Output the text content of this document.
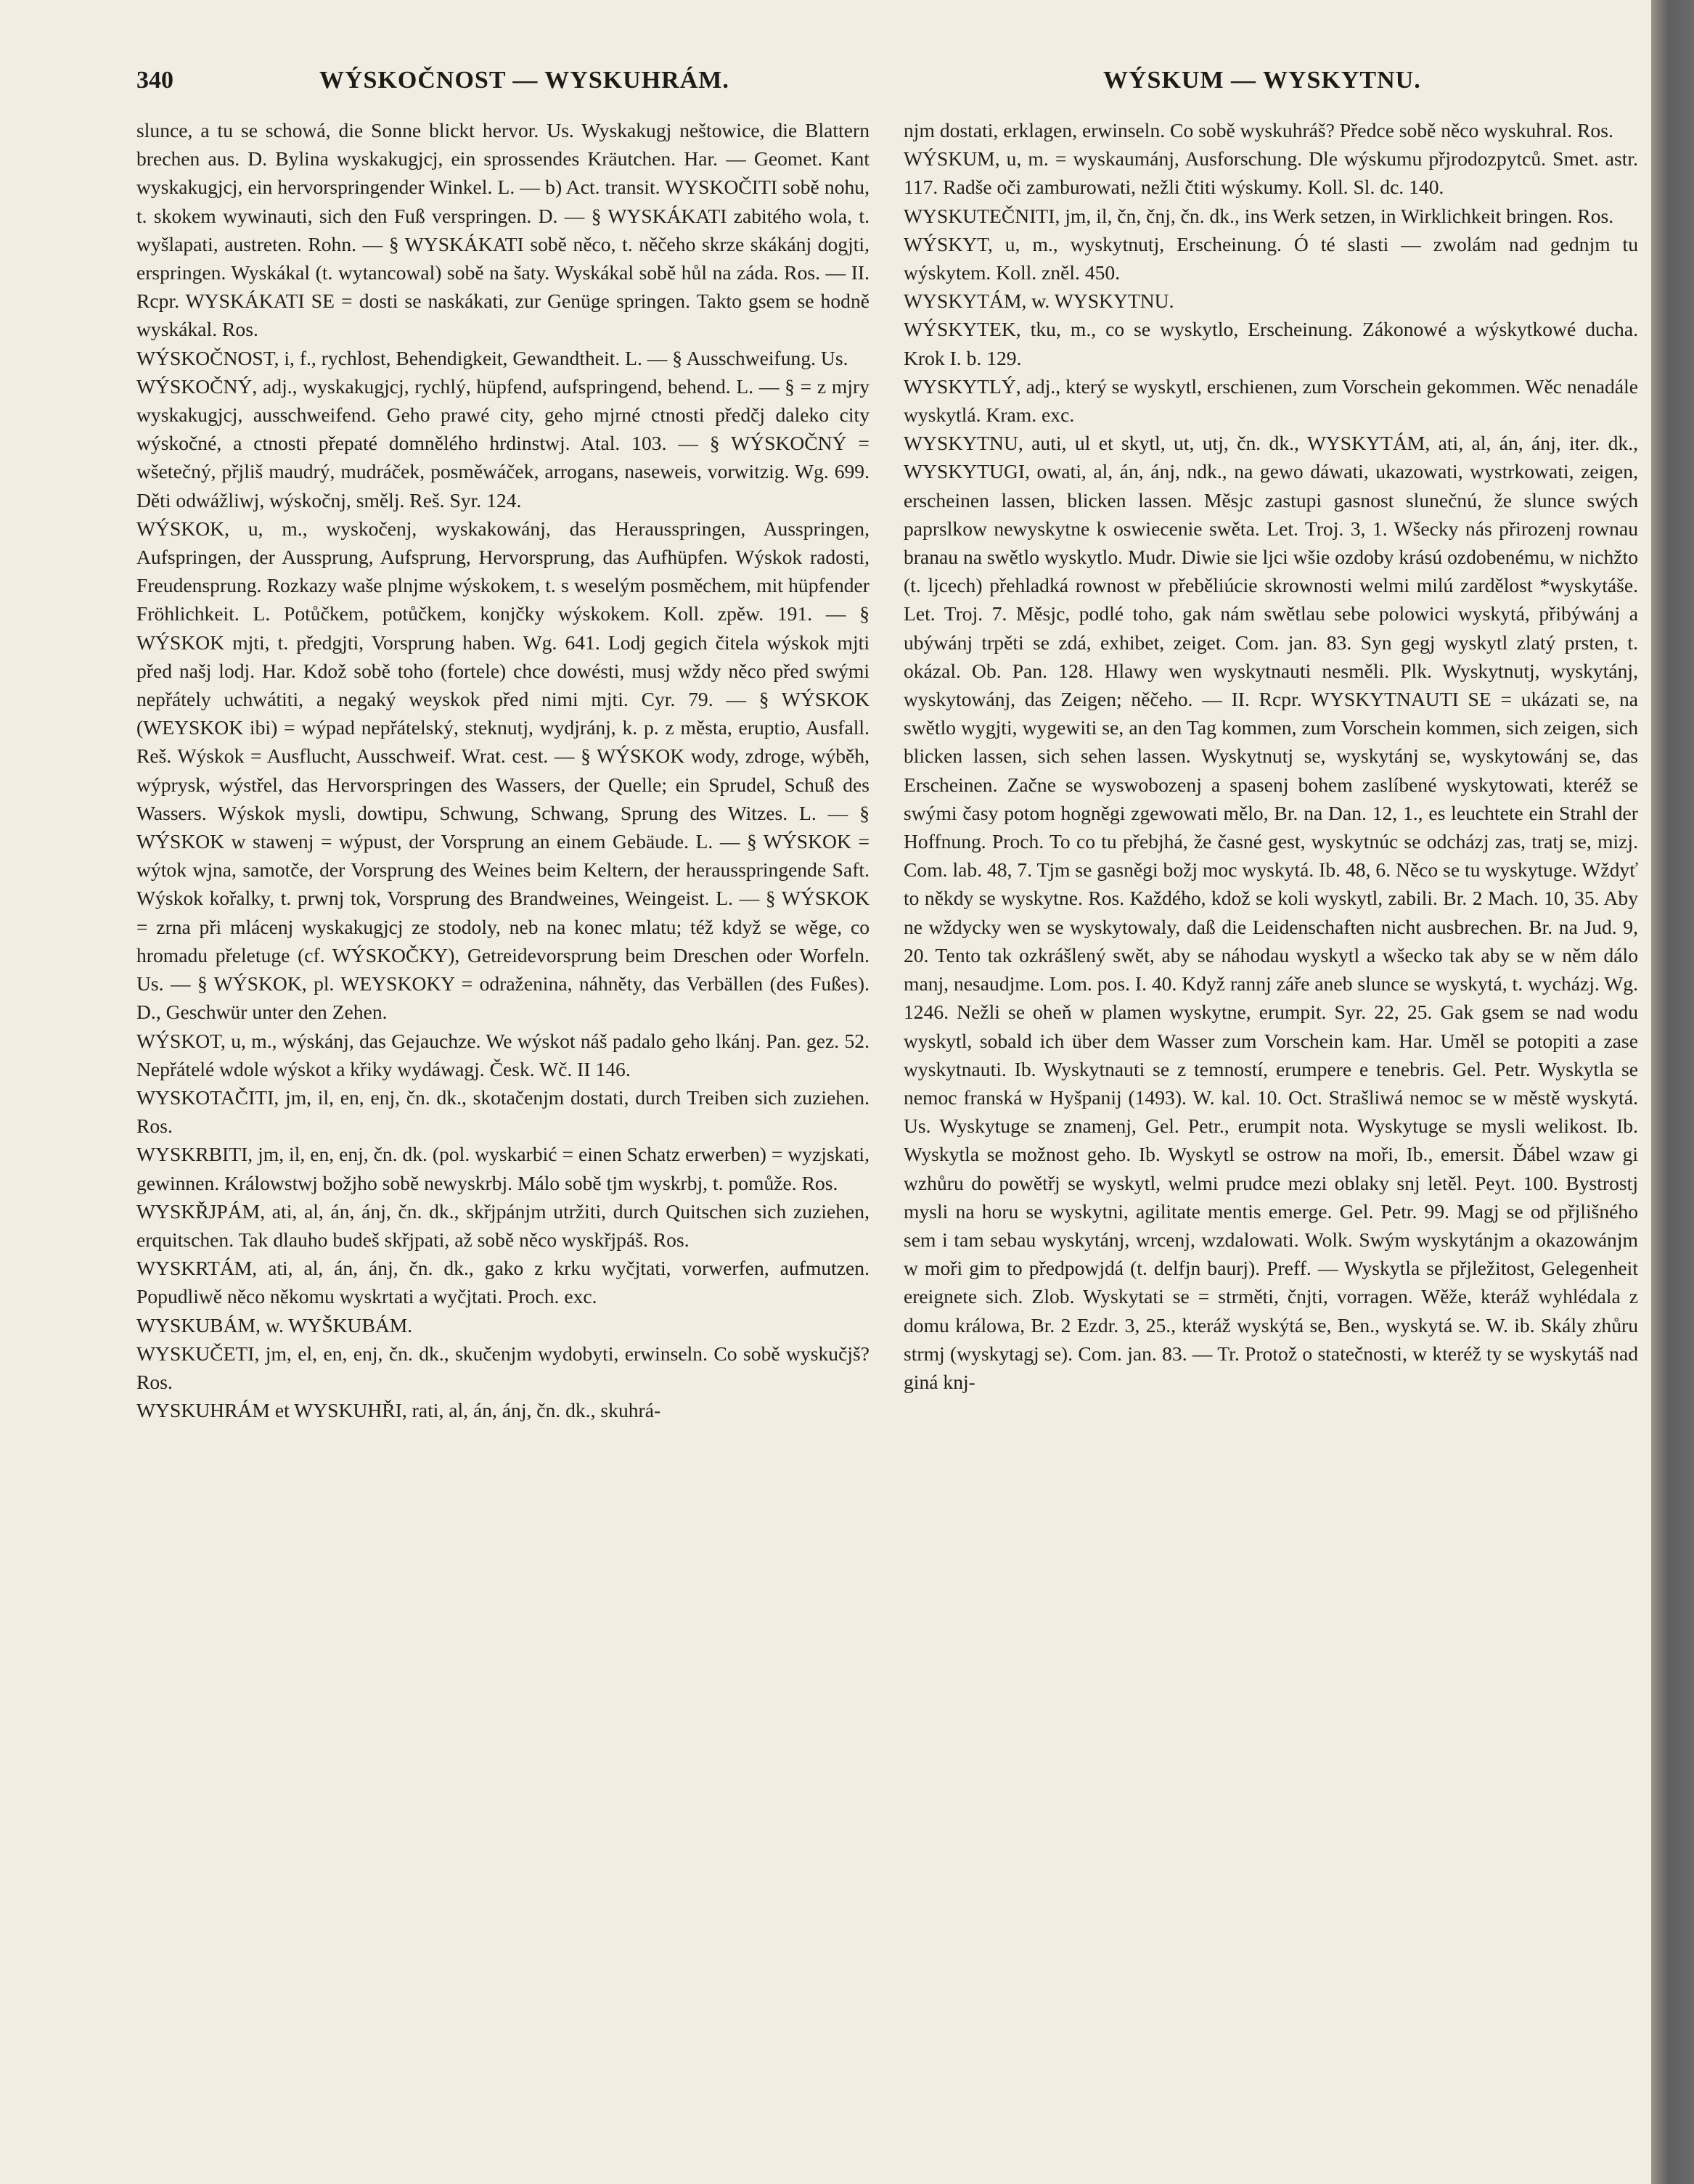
340	WÝSKOČNOST — WYSKUHRÁM.	WÝSKUM — WYSKYTNU.

slunce, a tu se schowá, die Sonne blickt hervor. Us. Wyskakugj neštowice, die Blattern brechen aus. D. Bylina wyskakugjcj, ein sprossendes Kräutchen. Har. — Geomet. Kant wyskakugjcj, ein hervorspringender Winkel. L. — b) Act. transit. WYSKOČITI sobě nohu, t. skokem wywinauti, sich den Fuß verspringen. D. — § WYSKÁKATI zabitého wola, t. wyšlapati, austreten. Rohn. — § WYSKÁKATI sobě něco, t. něčeho skrze skákánj dogjti, erspringen. Wyskákal (t. wytancowal) sobě na šaty. Wyskákal sobě hůl na záda. Ros. — II. Rcpr. WYSKÁKATI SE = dosti se naskákati, zur Genüge springen. Takto gsem se hodně wyskákal. Ros.
WÝSKOČNOST, i, f., rychlost, Behendigkeit, Gewandtheit. L. — § Ausschweifung. Us.
WÝSKOČNÝ, adj., wyskakugjcj, rychlý, hüpfend, aufspringend, behend. L. — § = z mjry wyskakugjcj, ausschweifend. Geho prawé city, geho mjrné ctnosti předčj daleko city wýskočné, a ctnosti přepaté domnělého hrdinstwj. Atal. 103. — § WÝSKOČNÝ = wšetečný, přjliš maudrý, mudráček, posměwáček, arrogans, naseweis, vorwitzig. Wg. 699. Děti odwážliwj, wýskočnj, smělj. Reš. Syr. 124.
WÝSKOK, u, m., wyskočenj, wyskakowánj, das Herausspringen, Ausspringen, Aufspringen, der Aussprung, Aufsprung, Hervorsprung, das Aufhüpfen. Wýskok radosti, Freudensprung. Rozkazy waše plnjme wýskokem, t. s weselým posměchem, mit hüpfender Fröhlichkeit. L. Potůčkem, potůčkem, konjčky wýskokem. Koll. zpěw. 191. — § WÝSKOK mjti, t. předgjti, Vorsprung haben. Wg. 641. Lodj gegich čitela wýskok mjti před našj lodj. Har. Kdož sobě toho (fortele) chce dowésti, musj wždy něco před swými nepřátely uchwátiti, a negaký weyskok před nimi mjti. Cyr. 79. — § WÝSKOK (WEYSKOK ibi) = wýpad nepřátelský, steknutj, wydjránj, k. p. z města, eruptio, Ausfall. Reš. Wýskok = Ausflucht, Ausschweif. Wrat. cest. — § WÝSKOK wody, zdroge, wýběh, wýprysk, wýstřel, das Hervorspringen des Wassers, der Quelle; ein Sprudel, Schuß des Wassers. Wýskok mysli, dowtipu, Schwung, Schwang, Sprung des Witzes. L. — § WÝSKOK w stawenj = wýpust, der Vorsprung an einem Gebäude. L. — § WÝSKOK = wýtok wjna, samotče, der Vorsprung des Weines beim Keltern, der herausspringende Saft. Wýskok kořalky, t. prwnj tok, Vorsprung des Brandweines, Weingeist. L. — § WÝSKOK = zrna při mlácenj wyskakugjcj ze stodoly, neb na konec mlatu; též když se wěge, co hromadu přeletuge (cf. WÝSKOČKY), Getreidevorsprung beim Dreschen oder Worfeln. Us. — § WÝSKOK, pl. WEYSKOKY = odraženina, náhněty, das Verbällen (des Fußes). D., Geschwür unter den Zehen.
WÝSKOT, u, m., wýskánj, das Gejauchze. We wýskot náš padalo geho lkánj. Pan. gez. 52. Nepřátelé wdole wýskot a křiky wydáwagj. Česk. Wč. II 146.
WYSKOTAČITI, jm, il, en, enj, čn. dk., skotačenjm dostati, durch Treiben sich zuziehen. Ros.
WYSKRBITI, jm, il, en, enj, čn. dk. (pol. wyskarbić = einen Schatz erwerben) = wyzjskati, gewinnen. Králowstwj božjho sobě newyskrbj. Málo sobě tjm wyskrbj, t. pomůže. Ros.
WYSKŘJPÁM, ati, al, án, ánj, čn. dk., skřjpánjm utržiti, durch Quitschen sich zuziehen, erquitschen. Tak dlauho budeš skřjpati, až sobě něco wyskřjpáš. Ros.
WYSKRTÁM, ati, al, án, ánj, čn. dk., gako z krku wyčjtati, vorwerfen, aufmutzen. Popudliwě něco někomu wyskrtati a wyčjtati. Proch. exc.
WYSKUBÁM, w. WYŠKUBÁM.
WYSKUČETI, jm, el, en, enj, čn. dk., skučenjm wydobyti, erwinseln. Co sobě wyskučjš? Ros.
WYSKUHRÁM et WYSKUHŘI, rati, al, án, ánj, čn. dk., skuhrá-

njm dostati, erklagen, erwinseln. Co sobě wyskuhráš? Předce sobě něco wyskuhral. Ros.
WÝSKUM, u, m. = wyskaumánj, Ausforschung. Dle wýskumu přjrodozpytců. Smet. astr. 117. Radše oči zamburowati, nežli čtiti wýskumy. Koll. Sl. dc. 140.
WYSKUTEČNITI, jm, il, čn, čnj, čn. dk., ins Werk setzen, in Wirklichkeit bringen. Ros.
WÝSKYT, u, m., wyskytnutj, Erscheinung. Ó té slasti — zwolám nad gednjm tu wýskytem. Koll. zněl. 450.
WYSKYTÁM, w. WYSKYTNU.
WÝSKYTEK, tku, m., co se wyskytlo, Erscheinung. Zákonowé a wýskytkowé ducha. Krok I. b. 129.
WYSKYTLÝ, adj., který se wyskytl, erschienen, zum Vorschein gekommen. Wěc nenadále wyskytlá. Kram. exc.
WYSKYTNU, auti, ul et skytl, ut, utj, čn. dk., WYSKYTÁM, ati, al, án, ánj, iter. dk., WYSKYTUGI, owati, al, án, ánj, ndk., na gewo dáwati, ukazowati, wystrkowati, zeigen, erscheinen lassen, blicken lassen. Měsjc zastupi gasnost slunečnú, že slunce swých paprslkow newyskytne k oswiecenie swěta. Let. Troj. 3, 1. Wšecky nás přirozenj rownau branau na swětlo wyskytlo. Mudr. Diwie sie ljci wšie ozdoby krású ozdobenému, w nichžto (t. ljcech) přehladká rownost w přeběliúcie skrownosti welmi milú zardělost *wyskytáše. Let. Troj. 7. Měsjc, podlé toho, gak nám swětlau sebe polowici wyskytá, přibýwánj a ubýwánj trpěti se zdá, exhibet, zeiget. Com. jan. 83. Syn gegj wyskytl zlatý prsten, t. okázal. Ob. Pan. 128. Hlawy wen wyskytnauti nesměli. Plk. Wyskytnutj, wyskytánj, wyskytowánj, das Zeigen; něčeho. — II. Rcpr. WYSKYTNAUTI SE = ukázati se, na swětlo wygjti, wygewiti se, an den Tag kommen, zum Vorschein kommen, sich zeigen, sich blicken lassen, sich sehen lassen. Wyskytnutj se, wyskytánj se, wyskytowánj se, das Erscheinen. Začne se wyswobozenj a spasenj bohem zaslíbené wyskytowati, kteréž se swými časy potom hogněgi zgewowati mělo, Br. na Dan. 12, 1., es leuchtete ein Strahl der Hoffnung. Proch. To co tu přebjhá, že časné gest, wyskytnúc se odcházj zas, tratj se, mizj. Com. lab. 48, 7. Tjm se gasněgi božj moc wyskytá. Ib. 48, 6. Něco se tu wyskytuge. Wždyť to někdy se wyskytne. Ros. Každého, kdož se koli wyskytl, zabili. Br. 2 Mach. 10, 35. Aby ne wždycky wen se wyskytowaly, daß die Leidenschaften nicht ausbrechen. Br. na Jud. 9, 20. Tento tak ozkrášlený swět, aby se náhodau wyskytl a wšecko tak aby se w něm dálo manj, nesaudjme. Lom. pos. I. 40. Když rannj záře aneb slunce se wyskytá, t. wycházj. Wg. 1246. Nežli se oheň w plamen wyskytne, erumpit. Syr. 22, 25. Gak gsem se nad wodu wyskytl, sobald ich über dem Wasser zum Vorschein kam. Har. Uměl se potopiti a zase wyskytnauti. Ib. Wyskytnauti se z temností, erumpere e tenebris. Gel. Petr. Wyskytla se nemoc franská w Hyšpanij (1493). W. kal. 10. Oct. Strašliwá nemoc se w městě wyskytá. Us. Wyskytuge se znamenj, Gel. Petr., erumpit nota. Wyskytuge se mysli welikost. Ib. Wyskytla se možnost geho. Ib. Wyskytl se ostrow na moři, Ib., emersit. Ďábel wzaw gi wzhůru do powětřj se wyskytl, welmi prudce mezi oblaky snj letěl. Peyt. 100. Bystrostj mysli na horu se wyskytni, agilitate mentis emerge. Gel. Petr. 99. Magj se od přjlišného sem i tam sebau wyskytánj, wrcenj, wzdalowati. Wolk. Swým wyskytánjm a okazowánjm w moři gim to předpowjdá (t. delfjn baurj). Preff. — Wyskytla se přjležitost, Gelegenheit ereignete sich. Zlob. Wyskytati se = strměti, čnjti, vorragen. Wěže, kteráž wyhlédala z domu králowa, Br. 2 Ezdr. 3, 25., kteráž wyskýtá se, Ben., wyskytá se. W. ib. Skály zhůru strmj (wyskytagj se). Com. jan. 83. — Tr. Protož o statečnosti, w kteréž ty se wyskytáš nad giná knj-
